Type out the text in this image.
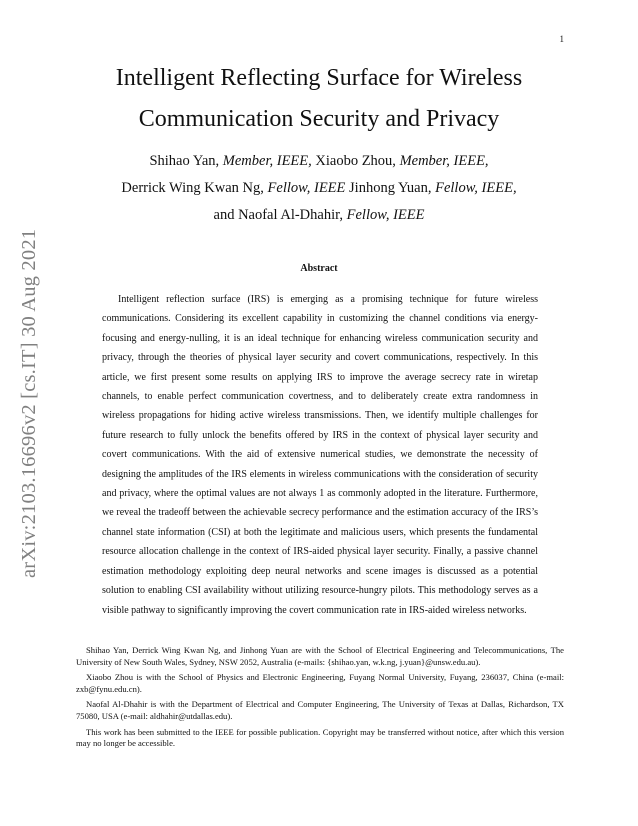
1
arXiv:2103.16696v2 [cs.IT] 30 Aug 2021
Intelligent Reflecting Surface for Wireless
Communication Security and Privacy
Shihao Yan, Member, IEEE, Xiaobo Zhou, Member, IEEE,
Derrick Wing Kwan Ng, Fellow, IEEE Jinhong Yuan, Fellow, IEEE,
and Naofal Al-Dhahir, Fellow, IEEE
Abstract

Intelligent reflection surface (IRS) is emerging as a promising technique for future wireless communications. Considering its excellent capability in customizing the channel conditions via energy-focusing and energy-nulling, it is an ideal technique for enhancing wireless communication security and privacy, through the theories of physical layer security and covert communications, respectively. In this article, we first present some results on applying IRS to improve the average secrecy rate in wiretap channels, to enable perfect communication covertness, and to deliberately create extra randomness in wireless propagations for hiding active wireless transmissions. Then, we identify multiple challenges for future research to fully unlock the benefits offered by IRS in the context of physical layer security and covert communications. With the aid of extensive numerical studies, we demonstrate the necessity of designing the amplitudes of the IRS elements in wireless communications with the consideration of security and privacy, where the optimal values are not always 1 as commonly adopted in the literature. Furthermore, we reveal the tradeoff between the achievable secrecy performance and the estimation accuracy of the IRS’s channel state information (CSI) at both the legitimate and malicious users, which presents the fundamental resource allocation challenge in the context of IRS-aided physical layer security. Finally, a passive channel estimation methodology exploiting deep neural networks and scene images is discussed as a potential solution to enabling CSI availability without utilizing resource-hungry pilots. This methodology serves as a visible pathway to significantly improving the covert communication rate in IRS-aided wireless networks.

Shihao Yan, Derrick Wing Kwan Ng, and Jinhong Yuan are with the School of Electrical Engineering and Telecommunications, The University of New South Wales, Sydney, NSW 2052, Australia (e-mails: {shihao.yan, w.k.ng, j.yuan}@unsw.edu.au).

Xiaobo Zhou is with the School of Physics and Electronic Engineering, Fuyang Normal University, Fuyang, 236037, China (e-mail: zxb@fynu.edu.cn).

Naofal Al-Dhahir is with the Department of Electrical and Computer Engineering, The University of Texas at Dallas, Richardson, TX 75080, USA (e-mail: aldhahir@utdallas.edu).

This work has been submitted to the IEEE for possible publication. Copyright may be transferred without notice, after which this version may no longer be accessible.
